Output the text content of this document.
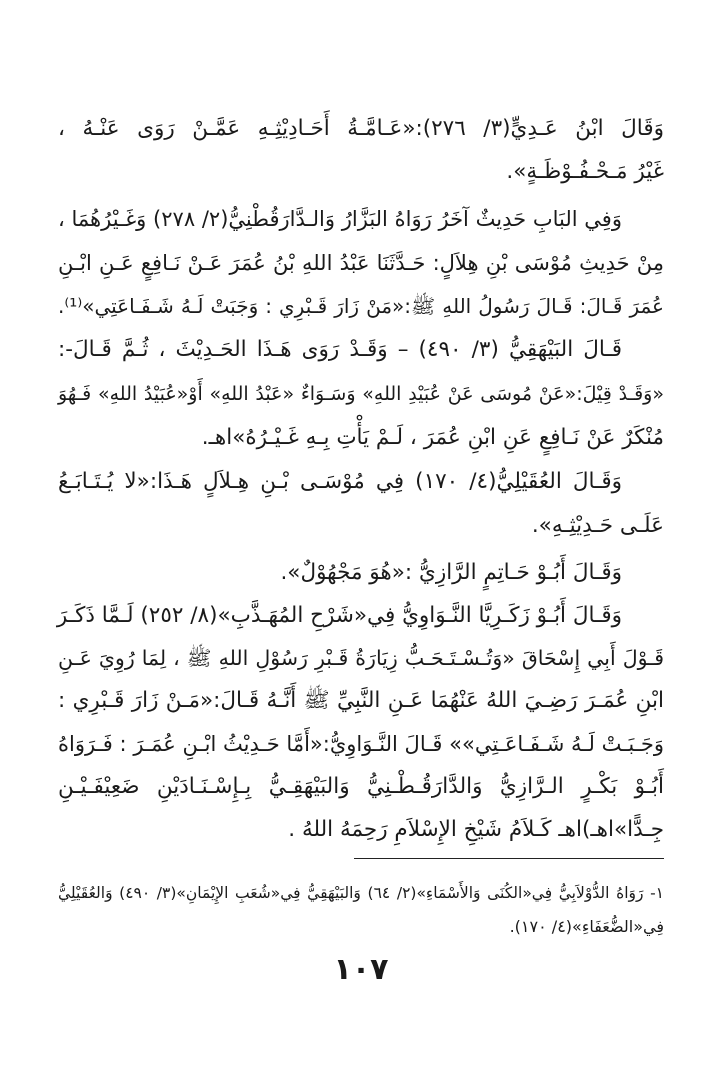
وَقَالَ ابْنُ عَـدِيٍّ(٣/ ٢٧٦):«عَـامَّـةُ أَحَـادِيْثِـهِ عَمَّـنْ رَوَى عَنْـهُ ،
غَيْرُ مَـحْـفُـوْظَـةٍ».
وَفِي البَابِ حَدِيثٌ آخَرُ رَوَاهُ البَزَّارُ وَالـدَّارَقُطْنِيُّ(٢/ ٢٧٨) وَغَـيْرُهُمَا ،
مِنْ حَدِيثِ مُوْسَى بْنِ هِلاَلٍ: حَـدَّثَنَا عَبْدُ اللهِ بْنُ عُمَرَ عَـنْ نَـافِعٍ عَـنِ ابْـنِ
عُمَرَ قَـالَ: قَـالَ رَسُولُ اللهِ ﷺ:«مَنْ زَارَ قَـبْرِي : وَجَبَتْ لَـهُ شَـفَـاعَتِي»⁽¹⁾.
قَـالَ البَيْهَقِيُّ (٣/ ٤٩٠) – وَقَـدْ رَوَى هَـذَا الحَـدِيْثَ ، ثُـمَّ قَـالَ-:
«وَقَـدْ قِيْلَ:«عَنْ مُوسَى عَنْ عُبَيْدِ اللهِ» وَسَـوَاءٌ «عَبْدُ اللهِ» أَوْ«عُبَيْدُ اللهِ» فَـهُوَ
مُنْكَرٌ عَنْ نَـافِعٍ عَنِ ابْنِ عُمَرَ ، لَـمْ يَأْتِ بِـهِ غَـيْـرُهُ»اهـ.
وَقَـالَ العُقَيْلِيُّ(٤/ ١٧٠) فِي مُوْسَـى بْـنِ هِـلاَلٍ هَـذَا:«لا يُـتَـابَـعُ
عَلَـى حَـدِيْثِـهِ».
وَقَـالَ أَبُـوْ حَـاتِمٍ الرَّازِيُّ :«هُوَ مَجْهُوْلٌ».
وَقَـالَ أَبُـوْ زَكَـرِيَّا النَّـوَاوِيُّ فِي«شَرْحِ المُهَـذَّبِ»(٨/ ٢٥٢) لَـمَّا ذَكَـرَ
قَـوْلَ أَبِي إِسْحَاقَ «وَتُـسْـتَـحَـبُّ زِيَارَةُ قَـبْرِ رَسُوْلِ اللهِ ﷺ ، لِمَا رُوِيَ عَـنِ
ابْنِ عُمَـرَ رَضِـيَ اللهُ عَنْهُمَا عَـنِ النَّبِيِّ ﷺ أَنَّـهُ قَـالَ:«مَـنْ زَارَ قَـبْرِي :
وَجَـبَـتْ لَـهُ شَـفَـاعَـتِي»» قَـالَ النَّـوَاوِيُّ:«أَمَّا حَـدِيْثُ ابْـنِ عُمَـرَ : فَـرَوَاهُ
أَبُـوْ بَكْـرٍ الـرَّازِيُّ وَالدَّارَقُـطْـنِيُّ وَالبَيْهَقِـيُّ بِـإِسْـنَـادَيْنِ ضَعِيْفَـيْـنِ
جِـدًّا»اهـ)اهـ كَـلاَمُ شَيْخِ الإِسْلاَمِ رَحِمَهُ اللهُ .
١- رَوَاهُ الدُّوْلاَبِيُّ فِي«الكُنَى وَالأَسْمَاءِ»(٢/ ٦٤) وَالبَيْهَقِيُّ فِي«شُعَبِ الإِيْمَانِ»(٣/ ٤٩٠) وَالعُقَيْلِيُّ
فِي«الضُّعَفَاءِ»(٤/ ١٧٠).
١٠٧
